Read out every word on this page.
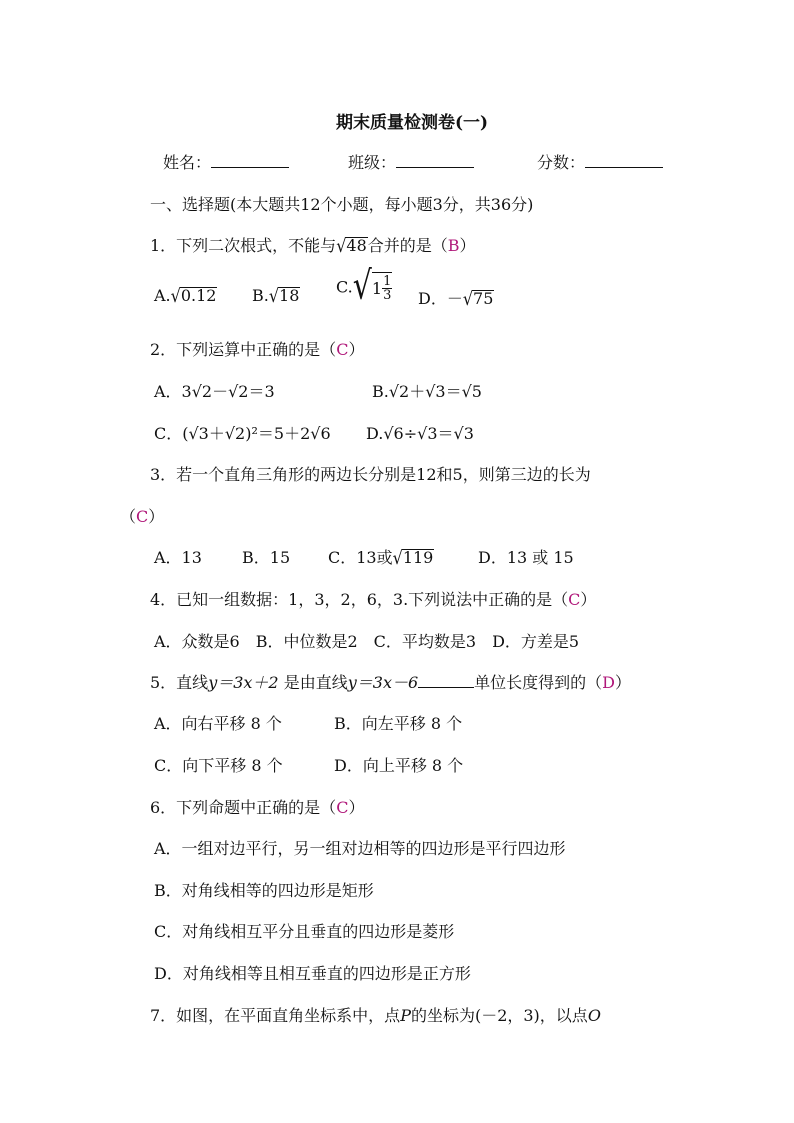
期末质量检测卷(一)
姓名：	班级：	分数：
一、选择题(本大题共12个小题，每小题3分，共36分)
1．下列二次根式，不能与√48合并的是（B）
A.√0.12 B.√18 $C.√1 \frac{1}{3}$ D．－√75
2．下列运算中正确的是（C）
A．3√2－√2＝3	B.√2＋√3＝√5
C．(√3＋√2)²＝5＋2√6 D.√6÷√3＝√3
3．若一个直角三角形的两边长分别是12和5，则第三边的长为
（C）
A．13	B．15 C．13或√119	D．13 或 15
4．已知一组数据：1，3，2，6，3.下列说法中正确的是（C）
A．众数是6　B．中位数是2　C．平均数是3　D．方差是5
5．直线y＝3x＋2 是由直线y＝3x－6	单位长度得到的（D）
A．向右平移 8 个	B．向左平移 8 个
C．向下平移 8 个	D．向上平移 8 个
6．下列命题中正确的是（C）
A．一组对边平行，另一组对边相等的四边形是平行四边形
B．对角线相等的四边形是矩形
C．对角线相互平分且垂直的四边形是菱形
D．对角线相等且相互垂直的四边形是正方形
7．如图，在平面直角坐标系中，点P的坐标为(－2，3)，以点O
